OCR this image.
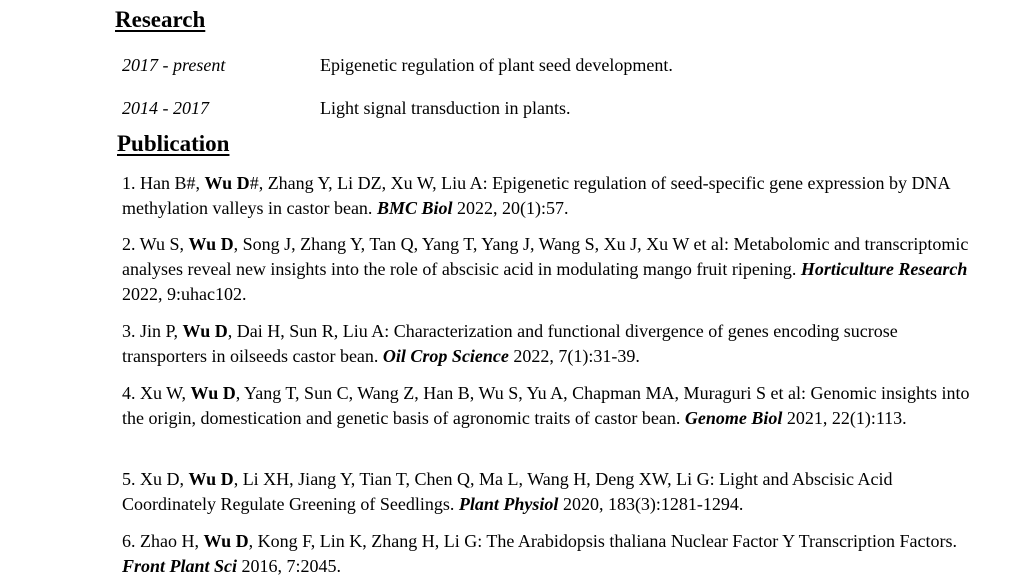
Research
2017 - present	Epigenetic regulation of plant seed development.
2014 - 2017	Light signal transduction in plants.
Publication

1. Han B#, Wu D#, Zhang Y, Li DZ, Xu W, Liu A: Epigenetic regulation of seed-specific gene expression by DNA methylation valleys in castor bean. BMC Biol 2022, 20(1):57.

2. Wu S, Wu D, Song J, Zhang Y, Tan Q, Yang T, Yang J, Wang S, Xu J, Xu W et al: Metabolomic and transcriptomic analyses reveal new insights into the role of abscisic acid in modulating mango fruit ripening. Horticulture Research 2022, 9:uhac102.

3. Jin P, Wu D, Dai H, Sun R, Liu A: Characterization and functional divergence of genes encoding sucrose transporters in oilseeds castor bean. Oil Crop Science 2022, 7(1):31-39.

4. Xu W, Wu D, Yang T, Sun C, Wang Z, Han B, Wu S, Yu A, Chapman MA, Muraguri S et al: Genomic insights into the origin, domestication and genetic basis of agronomic traits of castor bean. Genome Biol 2021, 22(1):113.

5. Xu D, Wu D, Li XH, Jiang Y, Tian T, Chen Q, Ma L, Wang H, Deng XW, Li G: Light and Abscisic Acid Coordinately Regulate Greening of Seedlings. Plant Physiol 2020, 183(3):1281-1294.

6. Zhao H, Wu D, Kong F, Lin K, Zhang H, Li G: The Arabidopsis thaliana Nuclear Factor Y Transcription Factors. Front Plant Sci 2016, 7:2045.
